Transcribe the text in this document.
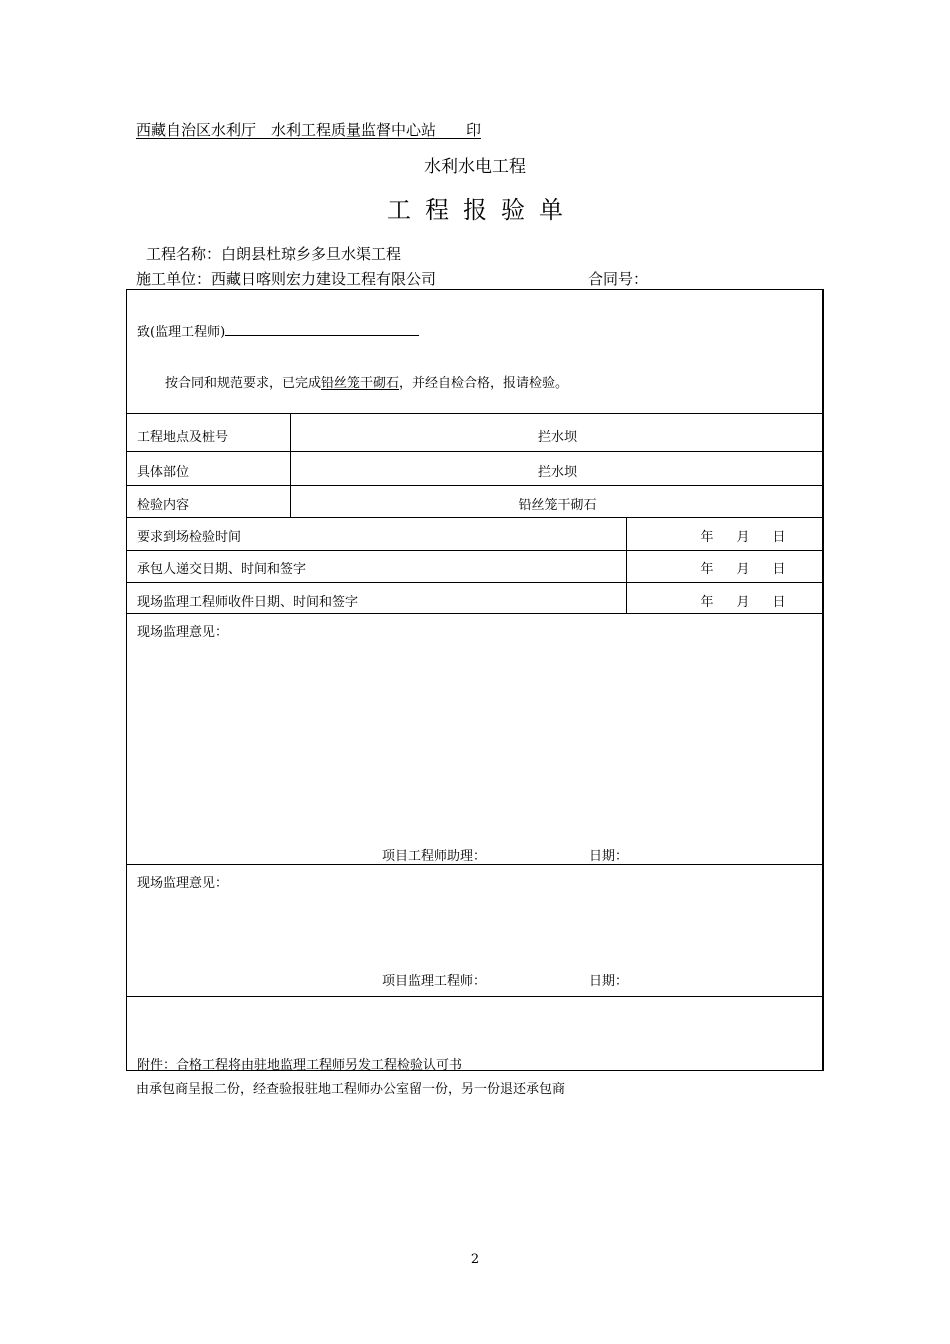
西藏自治区水利厅　水利工程质量监督中心站　　印
水利水电工程
工程报验单
工程名称：白朗县杜琼乡多旦水渠工程
施工单位：西藏日喀则宏力建设工程有限公司	合同号：
致(监理工程师)
按合同和规范要求，已完成铅丝笼干砌石，并经自检合格，报请检验。
工程地点及桩号	拦水坝
具体部位	拦水坝
检验内容	铅丝笼干砌石
要求到场检验时间	年 月 日
承包人递交日期、时间和签字	年 月 日
现场监理工程师收件日期、时间和签字	年 月 日
现场监理意见：
项目工程师助理：	日期：
现场监理意见：
项目监理工程师：	日期：
附件：合格工程将由驻地监理工程师另发工程检验认可书
由承包商呈报二份，经查验报驻地工程师办公室留一份，另一份退还承包商
2
